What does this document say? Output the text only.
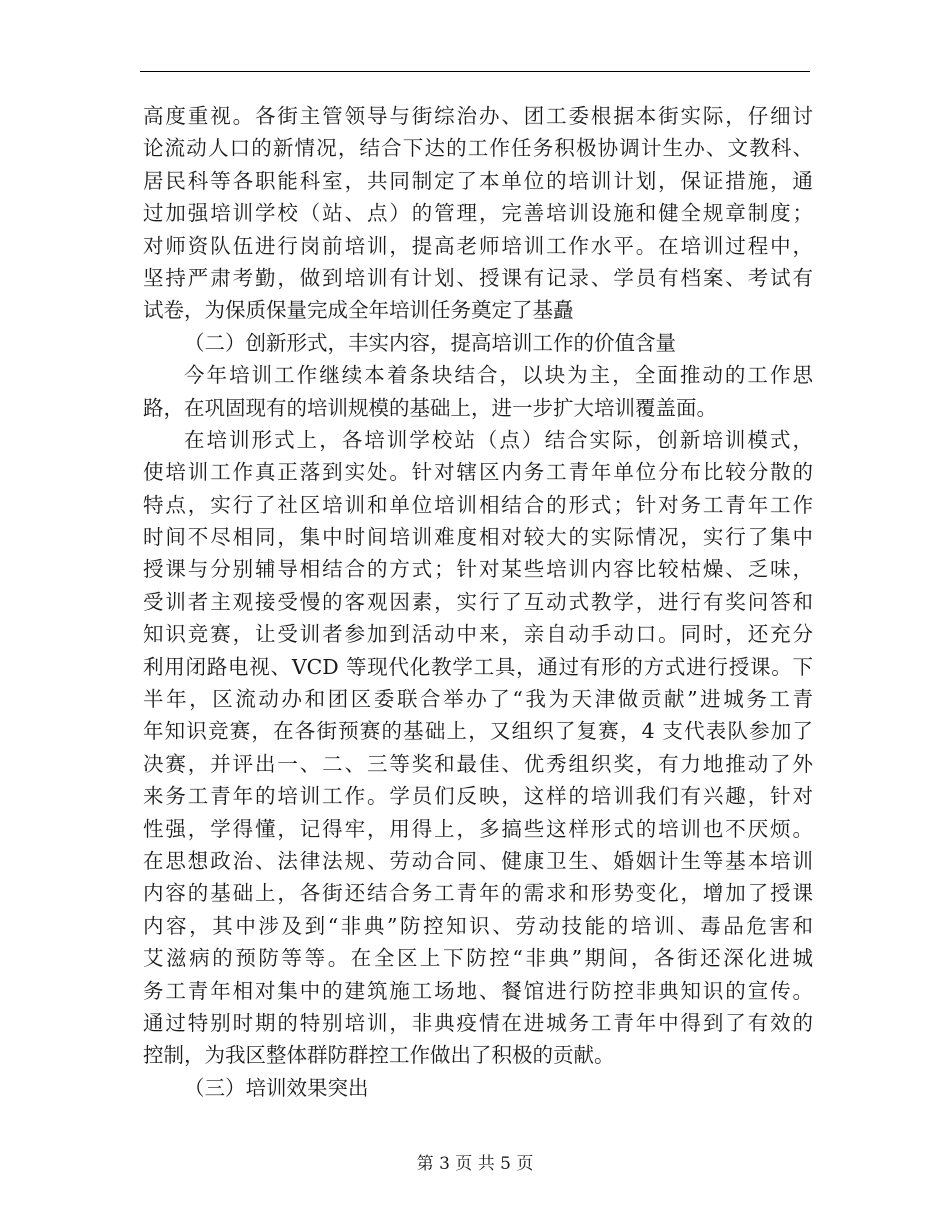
高度重视。各街主管领导与街综治办、团工委根据本街实际，仔细讨
论流动人口的新情况，结合下达的工作任务积极协调计生办、文教科、
居民科等各职能科室，共同制定了本单位的培训计划，保证措施，通
过加强培训学校（站、点）的管理，完善培训设施和健全规章制度；
对师资队伍进行岗前培训，提高老师培训工作水平。在培训过程中，
坚持严肃考勤，做到培训有计划、授课有记录、学员有档案、考试有
试卷，为保质保量完成全年培训任务奠定了基矗
（二）创新形式，丰实内容，提高培训工作的价值含量
今年培训工作继续本着条块结合，以块为主，全面推动的工作思
路，在巩固现有的培训规模的基础上，进一步扩大培训覆盖面。
在培训形式上，各培训学校站（点）结合实际，创新培训模式，
使培训工作真正落到实处。针对辖区内务工青年单位分布比较分散的
特点，实行了社区培训和单位培训相结合的形式；针对务工青年工作
时间不尽相同，集中时间培训难度相对较大的实际情况，实行了集中
授课与分别辅导相结合的方式；针对某些培训内容比较枯燥、乏味，
受训者主观接受慢的客观因素，实行了互动式教学，进行有奖问答和
知识竞赛，让受训者参加到活动中来，亲自动手动口。同时，还充分
利用闭路电视、VCD 等现代化教学工具，通过有形的方式进行授课。下
半年，区流动办和团区委联合举办了“我为天津做贡献”进城务工青
年知识竞赛，在各街预赛的基础上，又组织了复赛，4 支代表队参加了
决赛，并评出一、二、三等奖和最佳、优秀组织奖，有力地推动了外
来务工青年的培训工作。学员们反映，这样的培训我们有兴趣，针对
性强，学得懂，记得牢，用得上，多搞些这样形式的培训也不厌烦。
在思想政治、法律法规、劳动合同、健康卫生、婚姻计生等基本培训
内容的基础上，各街还结合务工青年的需求和形势变化，增加了授课
内容，其中涉及到“非典”防控知识、劳动技能的培训、毒品危害和
艾滋病的预防等等。在全区上下防控“非典”期间，各街还深化进城
务工青年相对集中的建筑施工场地、餐馆进行防控非典知识的宣传。
通过特别时期的特别培训，非典疫情在进城务工青年中得到了有效的
控制，为我区整体群防群控工作做出了积极的贡献。
（三）培训效果突出
第 3 页 共 5 页
